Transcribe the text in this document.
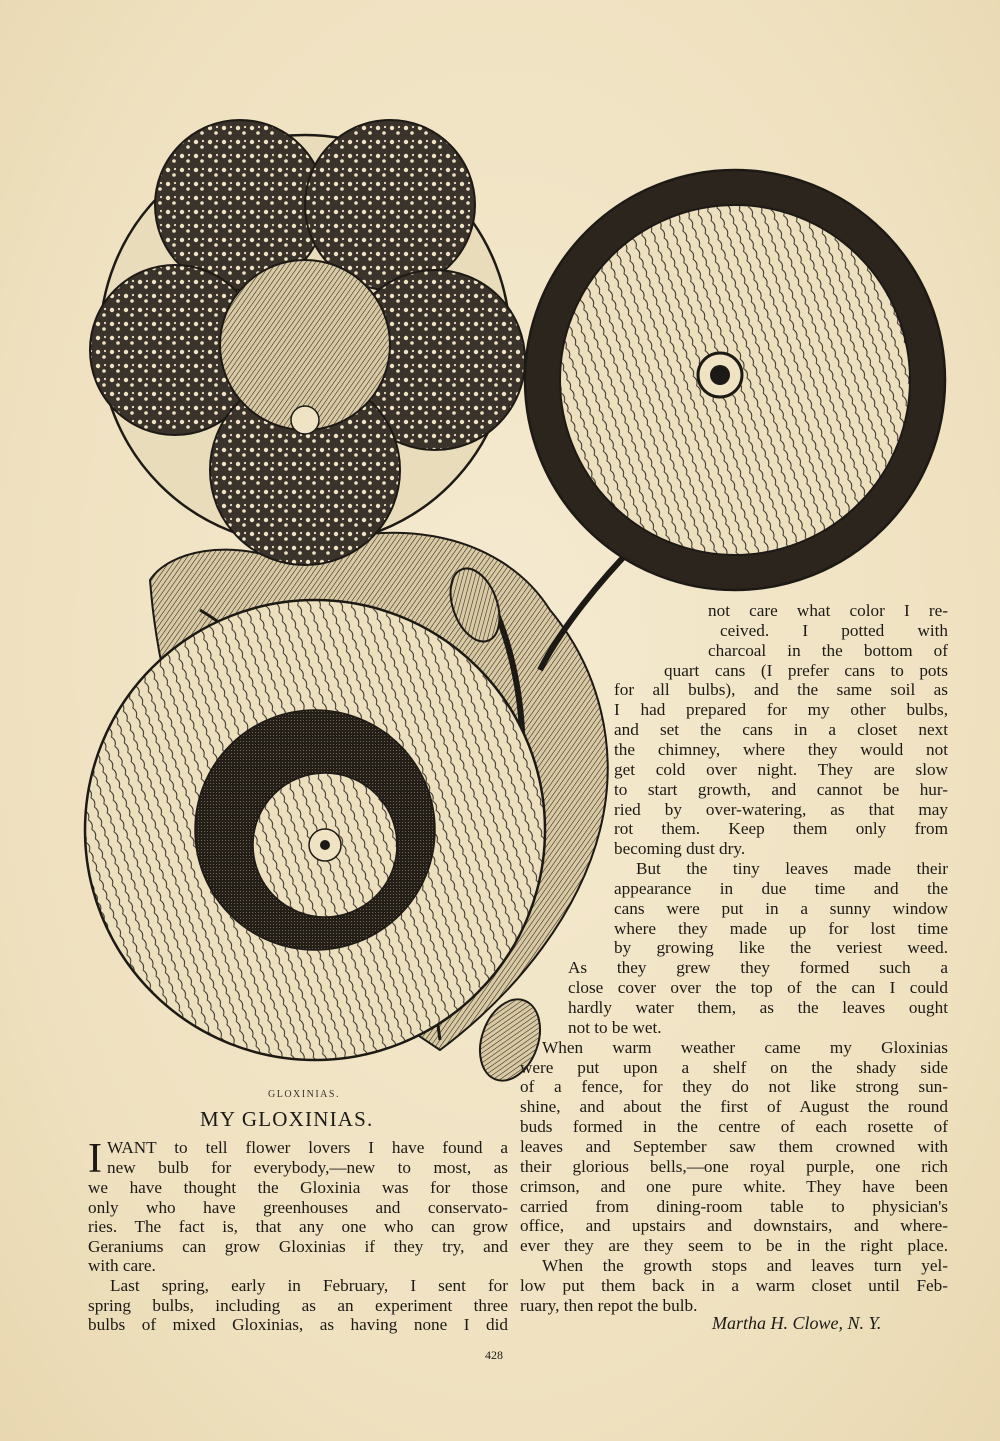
GLOXINIAS.
MY GLOXINIAS.
I WANT to tell flower lovers I have found a
new bulb for everybody,—new to most, as
we have thought the Gloxinia was for those
only who have greenhouses and conservato-
ries. The fact is, that any one who can grow
Geraniums can grow Gloxinias if they try, and
with care.
Last spring, early in February, I sent for
spring bulbs, including as an experiment three
bulbs of mixed Gloxinias, as having none I did
not care what color I re-
ceived. I potted with
charcoal in the bottom of
quart cans (I prefer cans to pots
for all bulbs), and the same soil as
I had prepared for my other bulbs,
and set the cans in a closet next
the chimney, where they would not
get cold over night. They are slow
to start growth, and cannot be hur-
ried by over-watering, as that may
rot them. Keep them only from
becoming dust dry.
But the tiny leaves made their
appearance in due time and the
cans were put in a sunny window
where they made up for lost time
by growing like the veriest weed.
As they grew they formed such a
close cover over the top of the can I could
hardly water them, as the leaves ought
not to be wet.
When warm weather came my Gloxinias
were put upon a shelf on the shady side
of a fence, for they do not like strong sun-
shine, and about the first of August the round
buds formed in the centre of each rosette of
leaves and September saw them crowned with
their glorious bells,—one royal purple, one rich
crimson, and one pure white. They have been
carried from dining-room table to physician's
office, and upstairs and downstairs, and where-
ever they are they seem to be in the right place.
When the growth stops and leaves turn yel-
low put them back in a warm closet until Feb-
ruary, then repot the bulb.
Martha H. Clowe, N. Y.
428
